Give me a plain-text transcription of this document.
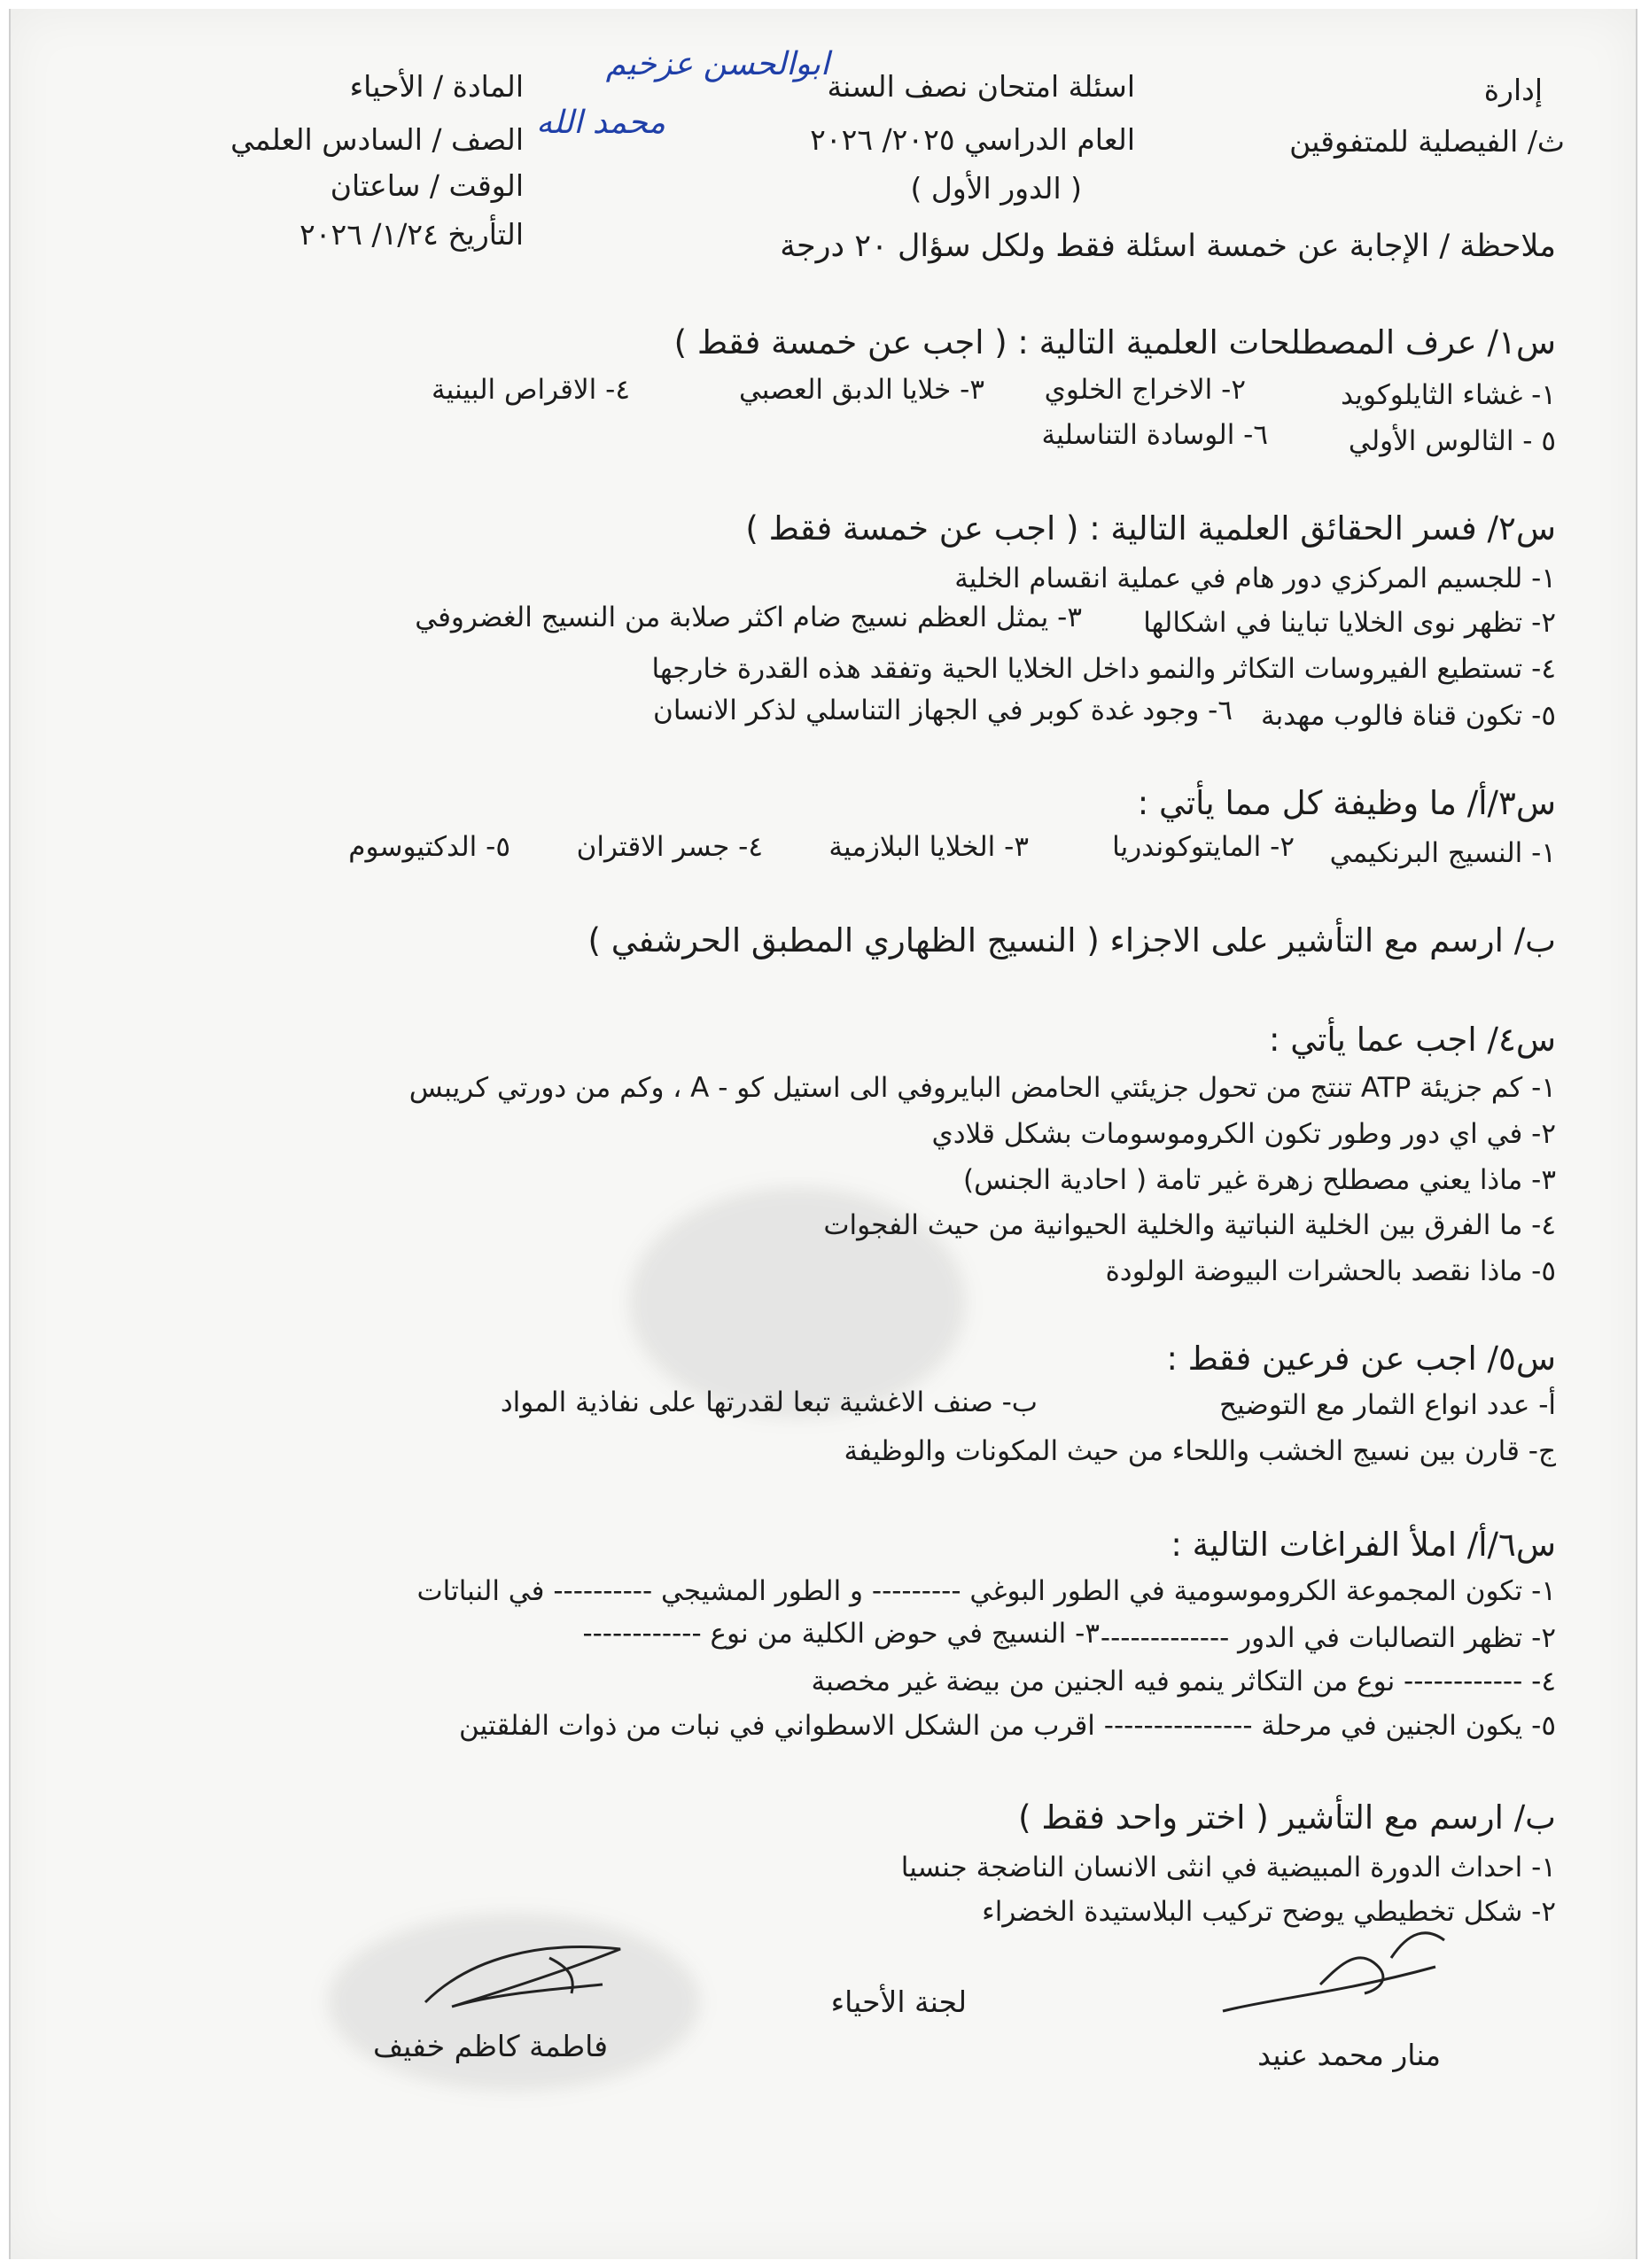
إدارة
ث/ الفيصلية للمتفوقين
اسئلة امتحان نصف السنة
العام الدراسي ٢٠٢٥/ ٢٠٢٦
( الدور الأول )
المادة / الأحياء
الصف / السادس العلمي
الوقت / ساعتان
التأريخ ١/٢٤/ ٢٠٢٦
ابوالحسن عزخيم
محمد الله
ملاحظة / الإجابة عن خمسة اسئلة فقط ولكل سؤال ٢٠ درجة
س١/ عرف المصطلحات العلمية التالية : ( اجب عن خمسة فقط )
١- غشاء الثايلوكويد
٢- الاخراج الخلوي
٣- خلايا الدبق العصبي
٤- الاقراص البينية
٥ - الثالوس الأولي
٦- الوسادة التناسلية
س٢/ فسر الحقائق العلمية التالية : ( اجب عن خمسة فقط )
١- للجسيم المركزي دور هام في عملية انقسام الخلية
٢- تظهر نوى الخلايا تباينا في اشكالها
٣- يمثل العظم نسيج ضام اكثر صلابة من النسيج الغضروفي
٤- تستطيع الفيروسات التكاثر والنمو داخل الخلايا الحية وتفقد هذه القدرة خارجها
٥- تكون قناة فالوب مهدبة
٦- وجود غدة كوبر في الجهاز التناسلي لذكر الانسان
س٣/أ/ ما وظيفة كل مما يأتي :
١- النسيج البرنكيمي
٢- المايتوكوندريا
٣- الخلايا البلازمية
٤- جسر الاقتران
٥- الدكتيوسوم
ب/ ارسم مع التأشير على الاجزاء ( النسيج الظهاري المطبق الحرشفي )
س٤/ اجب عما يأتي :
١- كم جزيئة ATP تنتج من تحول جزيئتي الحامض البايروفي الى استيل كو - A ، وكم من دورتي كريبس
٢- في اي دور وطور تكون الكروموسومات بشكل قلادي
٣- ماذا يعني مصطلح زهرة غير تامة ( احادية الجنس)
٤- ما الفرق بين الخلية النباتية والخلية الحيوانية من حيث الفجوات
٥- ماذا نقصد بالحشرات البيوضة الولودة
س٥/ اجب عن فرعين فقط :
أ- عدد انواع الثمار مع التوضيح
ب- صنف الاغشية تبعا لقدرتها على نفاذية المواد
ج- قارن بين نسيج الخشب واللحاء من حيث المكونات والوظيفة
س٦/أ/ املأ الفراغات التالية :
١- تكون المجموعة الكروموسومية في الطور البوغي --------- و الطور المشيجي ---------- في النباتات
٢- تظهر التصالبات في الدور -------------
٣- النسيج في حوض الكلية من نوع ------------
٤- ------------ نوع من التكاثر ينمو فيه الجنين من بيضة غير مخصبة
٥- يكون الجنين في مرحلة --------------- اقرب من الشكل الاسطواني في نبات من ذوات الفلقتين
ب/ ارسم مع التأشير ( اختر واحد فقط )
١- احداث الدورة المبيضية في انثى الانسان الناضجة جنسيا
٢- شكل تخطيطي يوضح تركيب البلاستيدة الخضراء
لجنة الأحياء
فاطمة كاظم خفيف	منار محمد عنيد
